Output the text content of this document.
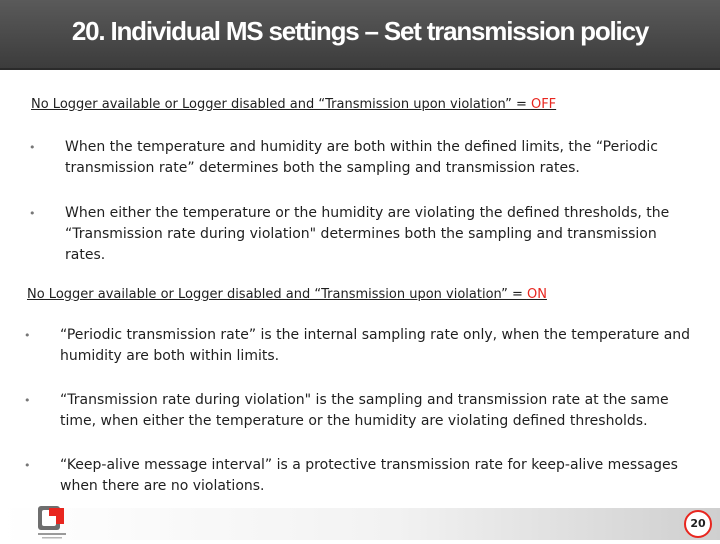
20. Individual MS settings – Set transmission policy
No Logger available or Logger disabled and “Transmission upon violation” = OFF
•	When the temperature and humidity are both within the defined limits, the “Periodic transmission rate” determines both the sampling and transmission rates.
•	When either the temperature or the humidity are violating the defined thresholds, the “Transmission rate during violation" determines both the sampling and transmission rates.
No Logger available or Logger disabled and “Transmission upon violation” = ON
•	“Periodic transmission rate” is the internal sampling rate only, when the temperature and humidity are both within limits.
•	“Transmission rate during violation" is the sampling and transmission rate at the same time, when either the temperature or the humidity are violating defined thresholds.
•	“Keep-alive message interval” is a protective transmission rate for keep-alive messages when there are no violations.
20
